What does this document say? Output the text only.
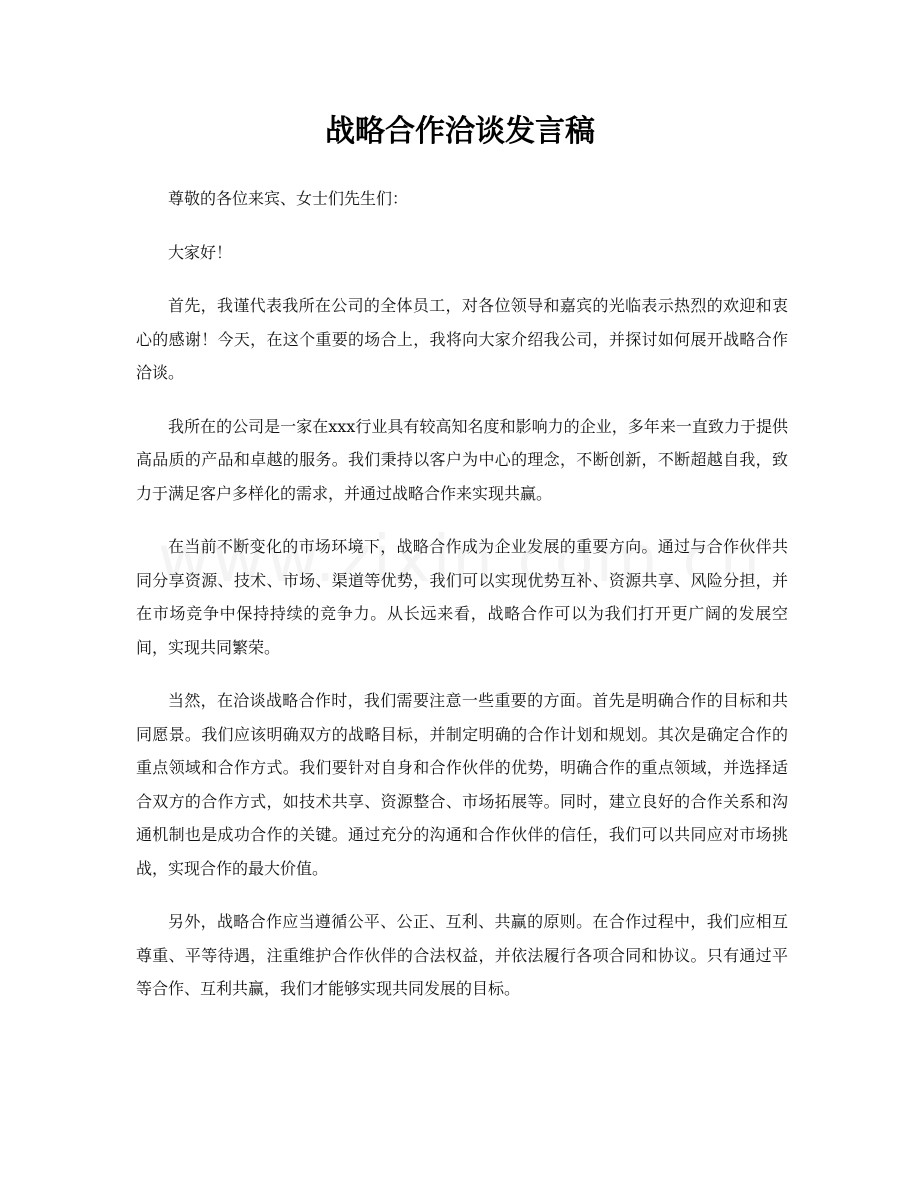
战略合作洽谈发言稿

尊敬的各位来宾、女士们先生们：

大家好！

首先，我谨代表我所在公司的全体员工，对各位领导和嘉宾的光临表示热烈的欢迎和衷心的感谢！今天，在这个重要的场合上，我将向大家介绍我公司，并探讨如何展开战略合作洽谈。

我所在的公司是一家在xxx行业具有较高知名度和影响力的企业，多年来一直致力于提供高品质的产品和卓越的服务。我们秉持以客户为中心的理念，不断创新，不断超越自我，致力于满足客户多样化的需求，并通过战略合作来实现共赢。

在当前不断变化的市场环境下，战略合作成为企业发展的重要方向。通过与合作伙伴共同分享资源、技术、市场、渠道等优势，我们可以实现优势互补、资源共享、风险分担，并在市场竞争中保持持续的竞争力。从长远来看，战略合作可以为我们打开更广阔的发展空间，实现共同繁荣。

当然，在洽谈战略合作时，我们需要注意一些重要的方面。首先是明确合作的目标和共同愿景。我们应该明确双方的战略目标，并制定明确的合作计划和规划。其次是确定合作的重点领域和合作方式。我们要针对自身和合作伙伴的优势，明确合作的重点领域，并选择适合双方的合作方式，如技术共享、资源整合、市场拓展等。同时，建立良好的合作关系和沟通机制也是成功合作的关键。通过充分的沟通和合作伙伴的信任，我们可以共同应对市场挑战，实现合作的最大价值。

另外，战略合作应当遵循公平、公正、互利、共赢的原则。在合作过程中，我们应相互尊重、平等待遇，注重维护合作伙伴的合法权益，并依法履行各项合同和协议。只有通过平等合作、互利共赢，我们才能够实现共同发展的目标。
